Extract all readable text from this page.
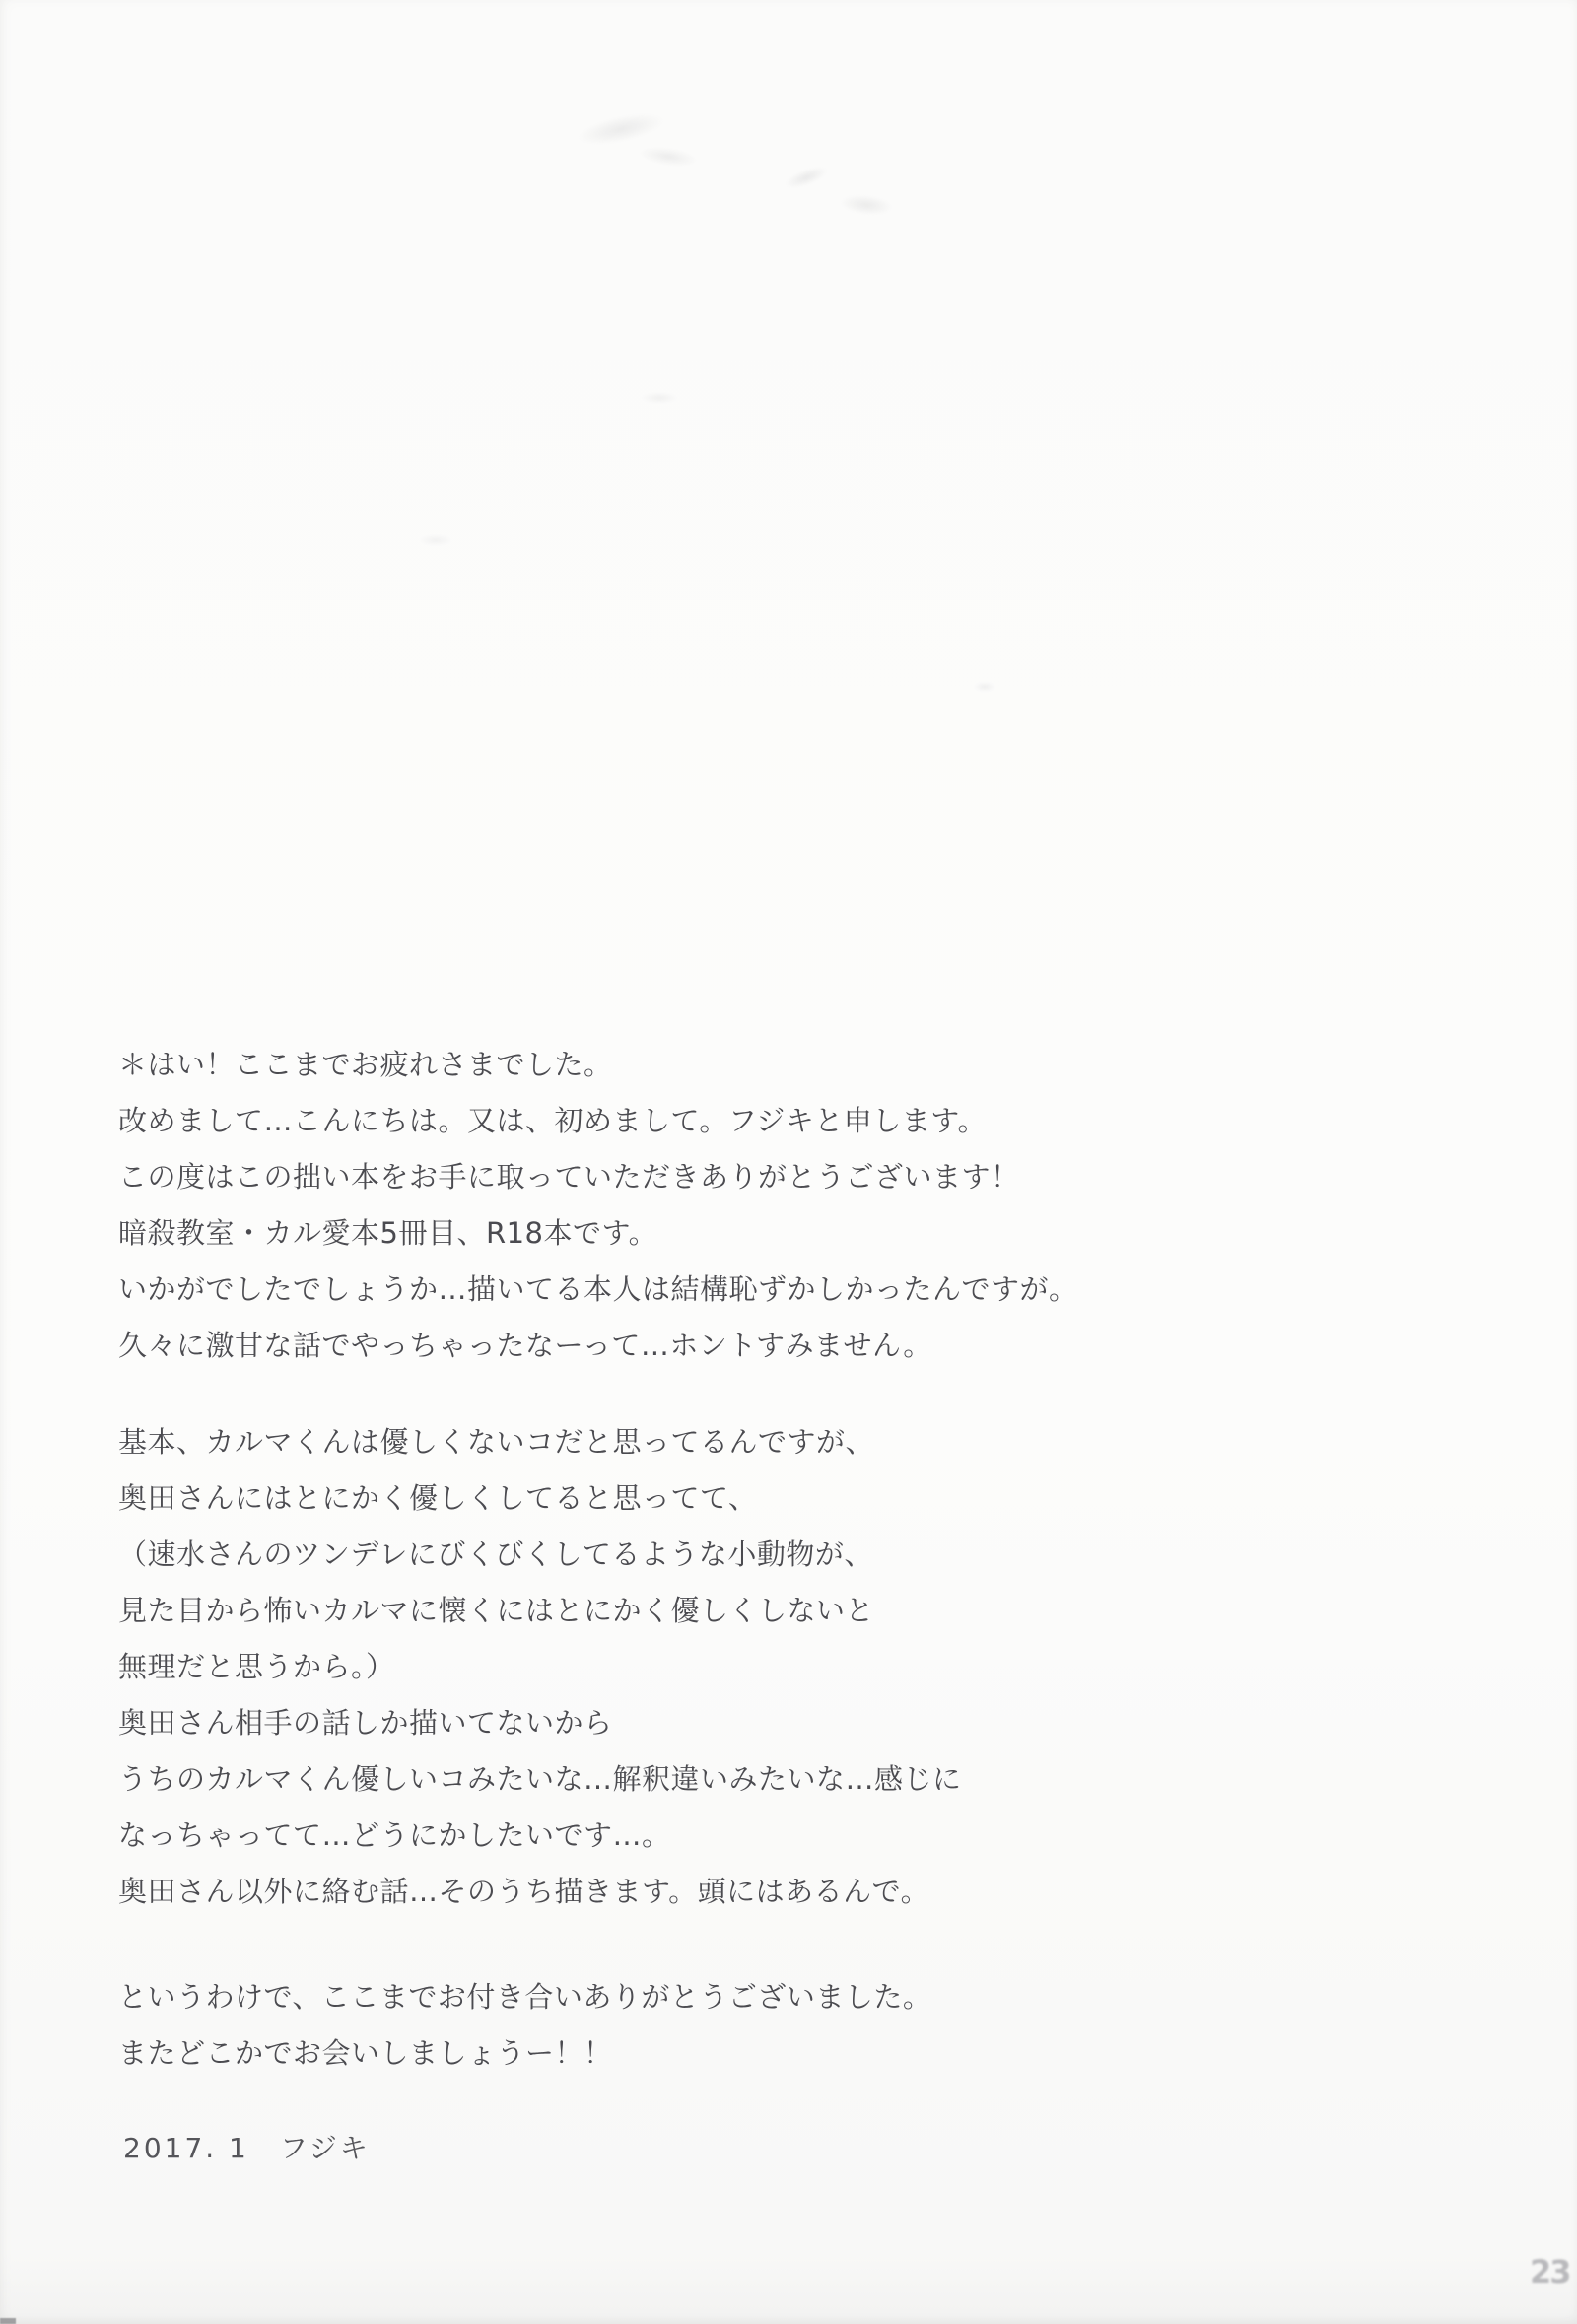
＊はい！ここまでお疲れさまでした。

改めまして…こんにちは。又は、初めまして。フジキと申します。

この度はこの拙い本をお手に取っていただきありがとうございます！

暗殺教室・カル愛本5冊目、R18本です。

いかがでしたでしょうか…描いてる本人は結構恥ずかしかったんですが。

久々に激甘な話でやっちゃったなーって…ホントすみません。

基本、カルマくんは優しくないコだと思ってるんですが、

奥田さんにはとにかく優しくしてると思ってて、

（速水さんのツンデレにびくびくしてるような小動物が、

見た目から怖いカルマに懐くにはとにかく優しくしないと

無理だと思うから。）

奥田さん相手の話しか描いてないから

うちのカルマくん優しいコみたいな…解釈違いみたいな…感じに

なっちゃってて…どうにかしたいです…。

奥田さん以外に絡む話…そのうち描きます。頭にはあるんで。

というわけで、ここまでお付き合いありがとうございました。

またどこかでお会いしましょうー！！

2017. 1　フジキ
23
